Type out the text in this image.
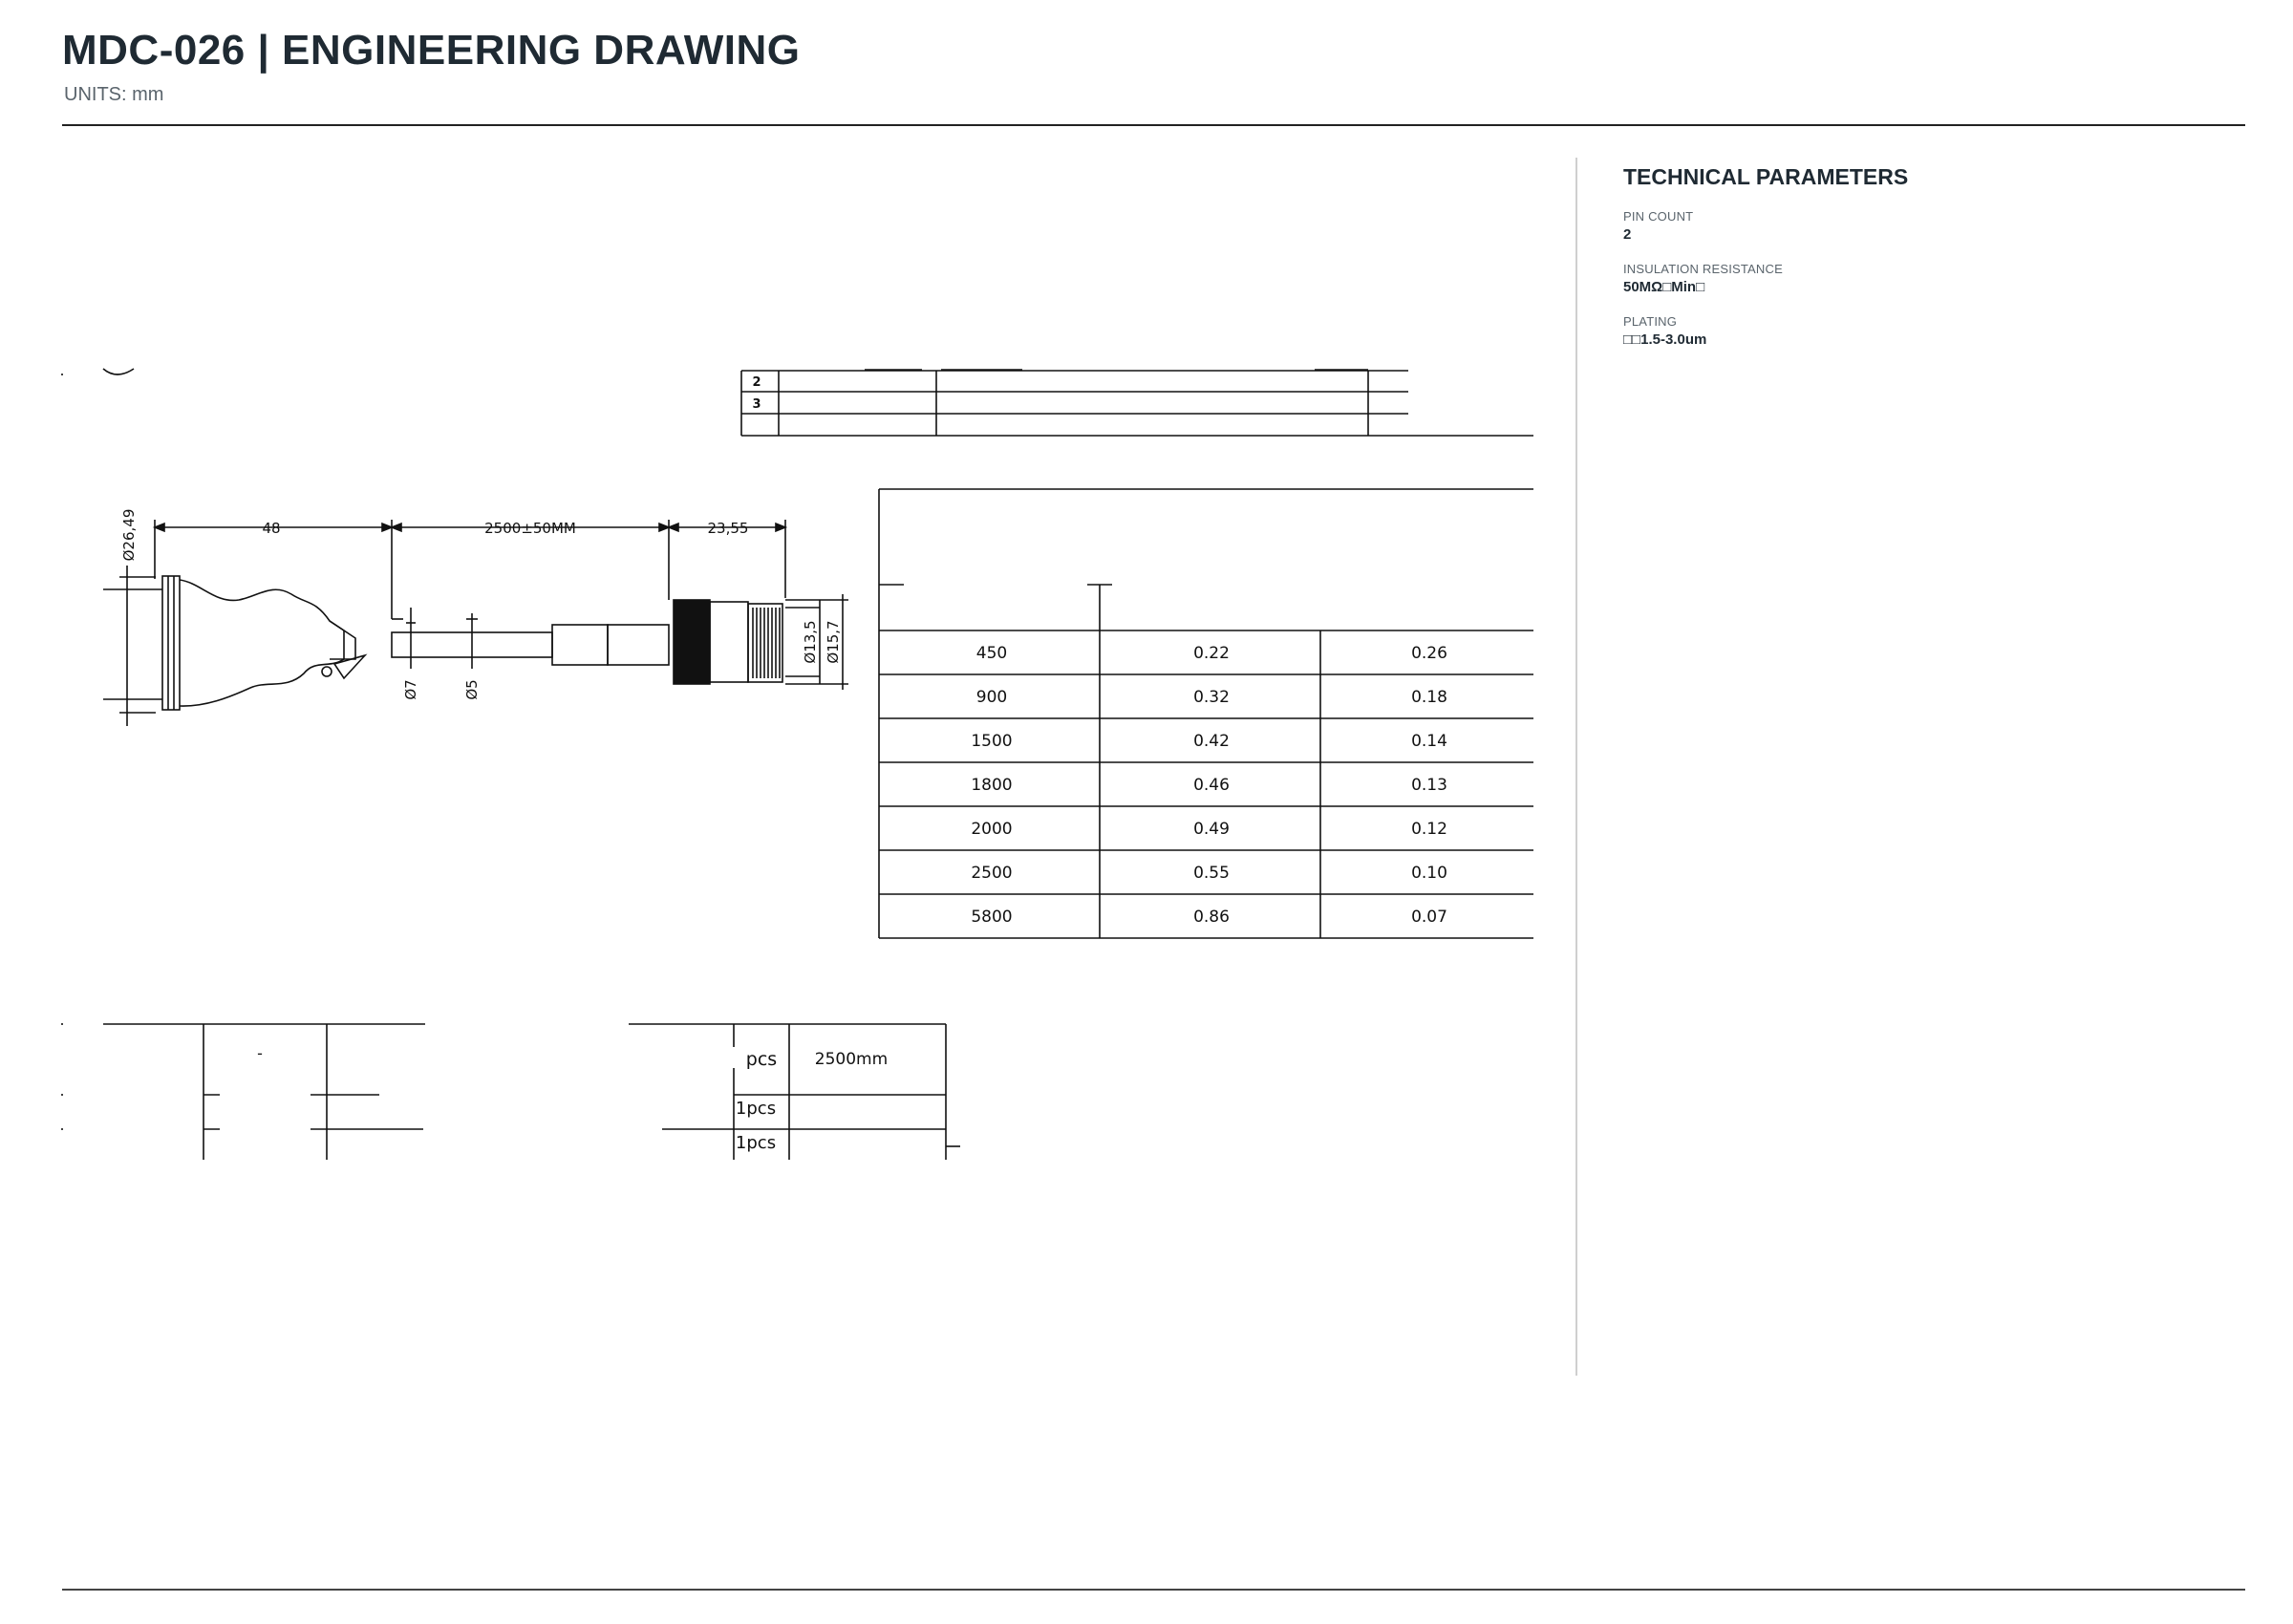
MDC-026 | ENGINEERING DRAWING
UNITS: mm
TECHNICAL PARAMETERS
PIN COUNT
2
INSULATION RESISTANCE
50MΩ□Min□
PLATING
□□1.5-3.0um
48	2500±50MM	23,55
Ø26,49
Ø7	Ø5
Ø13,5 Ø15,7
2
3
450	0.22	0.26
900	0.32	0.18
1500	0.42	0.14
1800	0.46	0.13
2000	0.49	0.12
2500	0.55	0.10
5800	0.86	0.07
-	pcs 2500mm
1pcs
1pcs
